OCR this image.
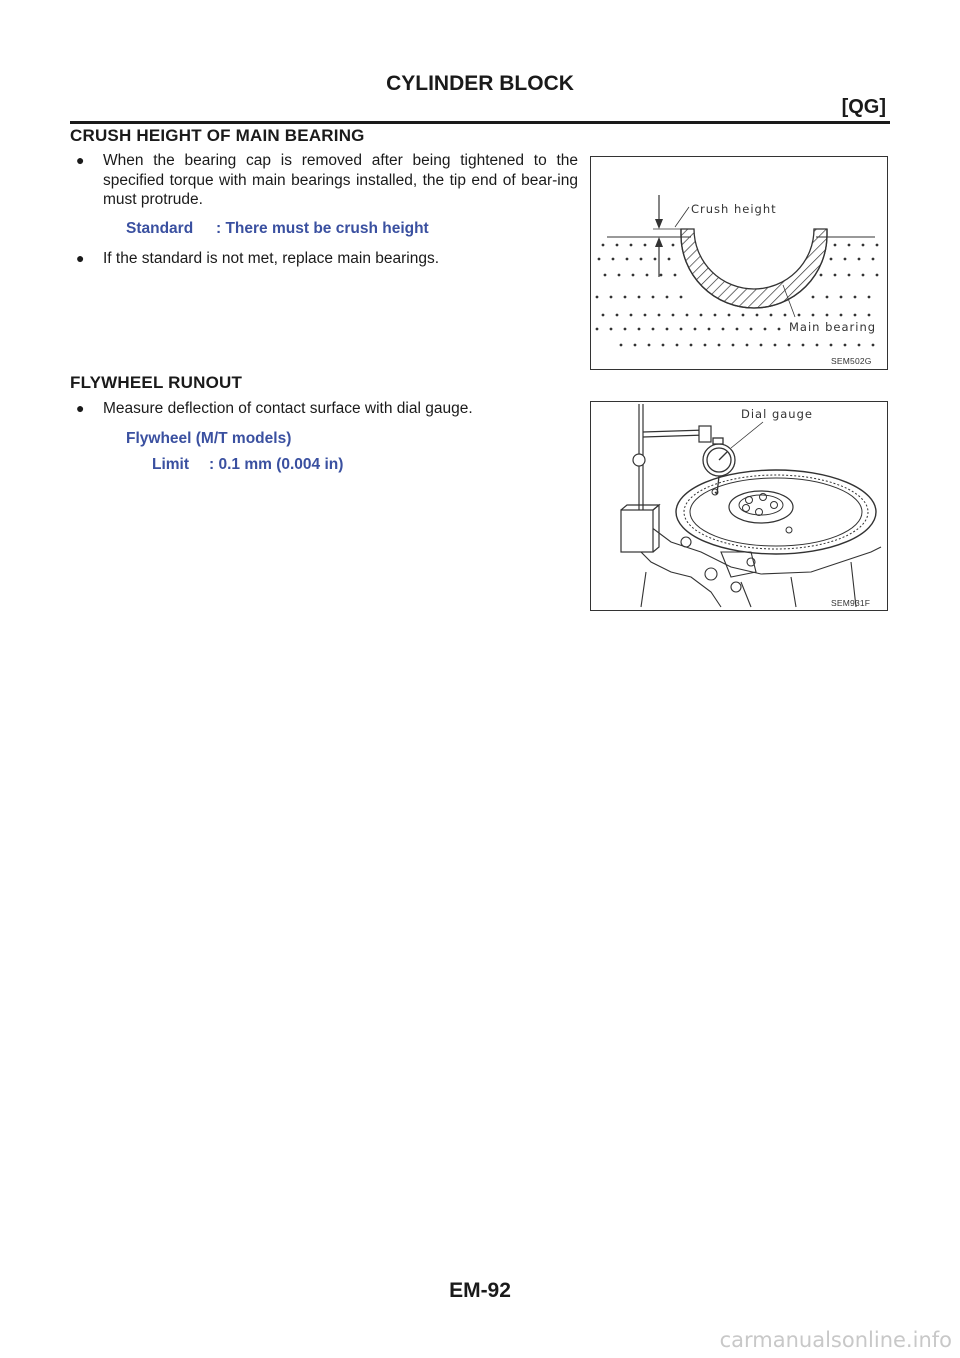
CYLINDER BLOCK
[QG]
CRUSH HEIGHT OF MAIN BEARING
● When the bearing cap is removed after being tightened to the specified torque with main bearings installed, the tip end of bear-ing must protrude.
Standard : There must be crush height
● If the standard is not met, replace main bearings.
Crush height
Main bearing
SEM502G
FLYWHEEL RUNOUT
● Measure deflection of contact surface with dial gauge.
Flywheel (M/T models)
Limit : 0.1 mm (0.004 in)
Dial gauge
SEM931F
EM-92
carmanualsonline.info
